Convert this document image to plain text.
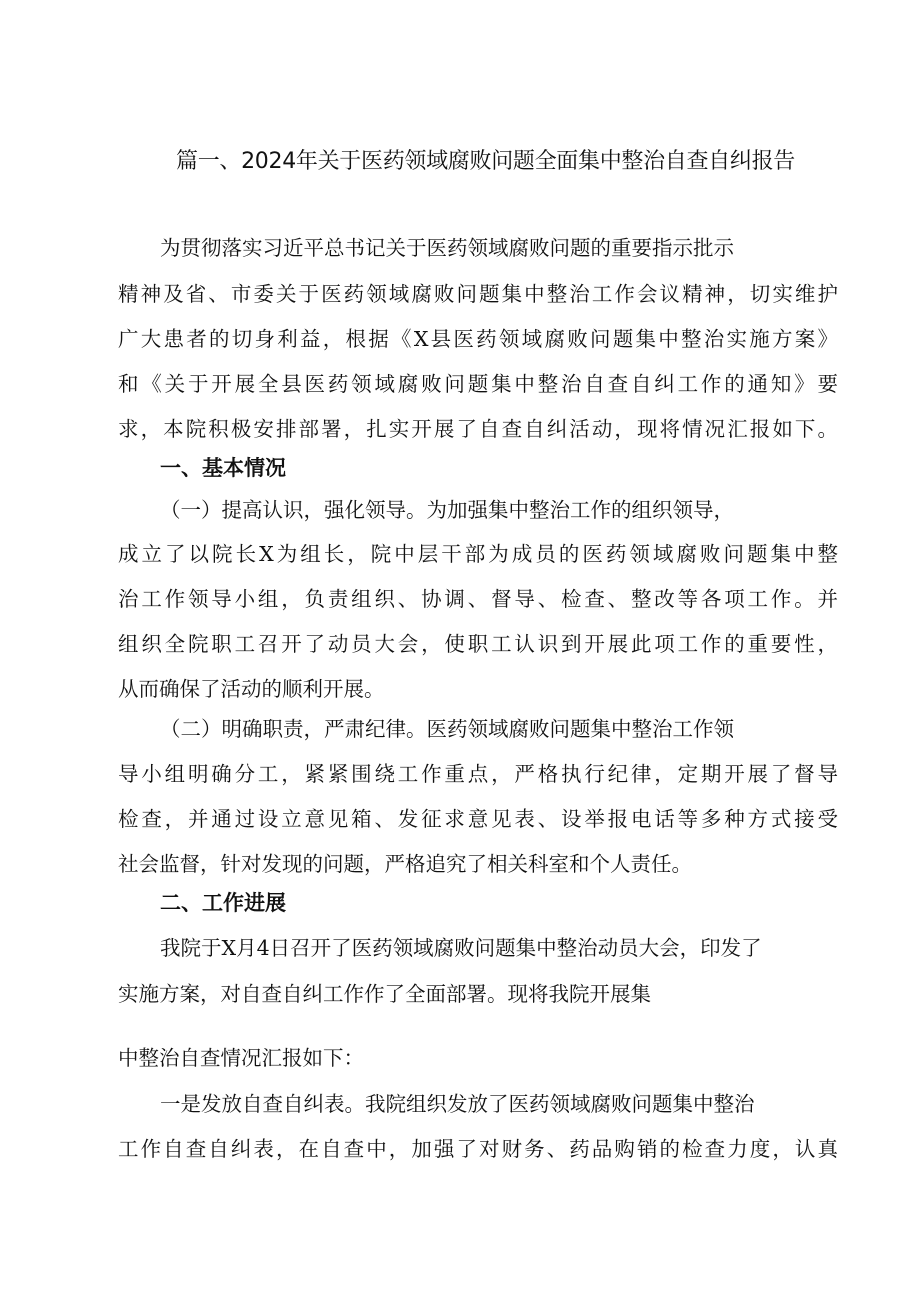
篇一、2024年关于医药领域腐败问题全面集中整治自查自纠报告

为贯彻落实习近平总书记关于医药领域腐败问题的重要指示批示

精神及省、市委关于医药领域腐败问题集中整治工作会议精神，切实维护

广大患者的切身利益，根据《X县医药领域腐败问题集中整治实施方案》

和《关于开展全县医药领域腐败问题集中整治自查自纠工作的通知》要

求，本院积极安排部署，扎实开展了自查自纠活动，现将情况汇报如下。

一、基本情况

（一）提高认识，强化领导。为加强集中整治工作的组织领导，

成立了以院长X为组长，院中层干部为成员的医药领域腐败问题集中整

治工作领导小组，负责组织、协调、督导、检查、整改等各项工作。并

组织全院职工召开了动员大会，使职工认识到开展此项工作的重要性，

从而确保了活动的顺利开展。

（二）明确职责，严肃纪律。医药领域腐败问题集中整治工作领

导小组明确分工，紧紧围绕工作重点，严格执行纪律，定期开展了督导

检查，并通过设立意见箱、发征求意见表、设举报电话等多种方式接受

社会监督，针对发现的问题，严格追究了相关科室和个人责任。

二、工作进展

我院于X月4日召开了医药领域腐败问题集中整治动员大会，印发了

实施方案，对自查自纠工作作了全面部署。现将我院开展集

中整治自查情况汇报如下：

一是发放自查自纠表。我院组织发放了医药领域腐败问题集中整治

工作自查自纠表，在自查中，加强了对财务、药品购销的检查力度，认真
